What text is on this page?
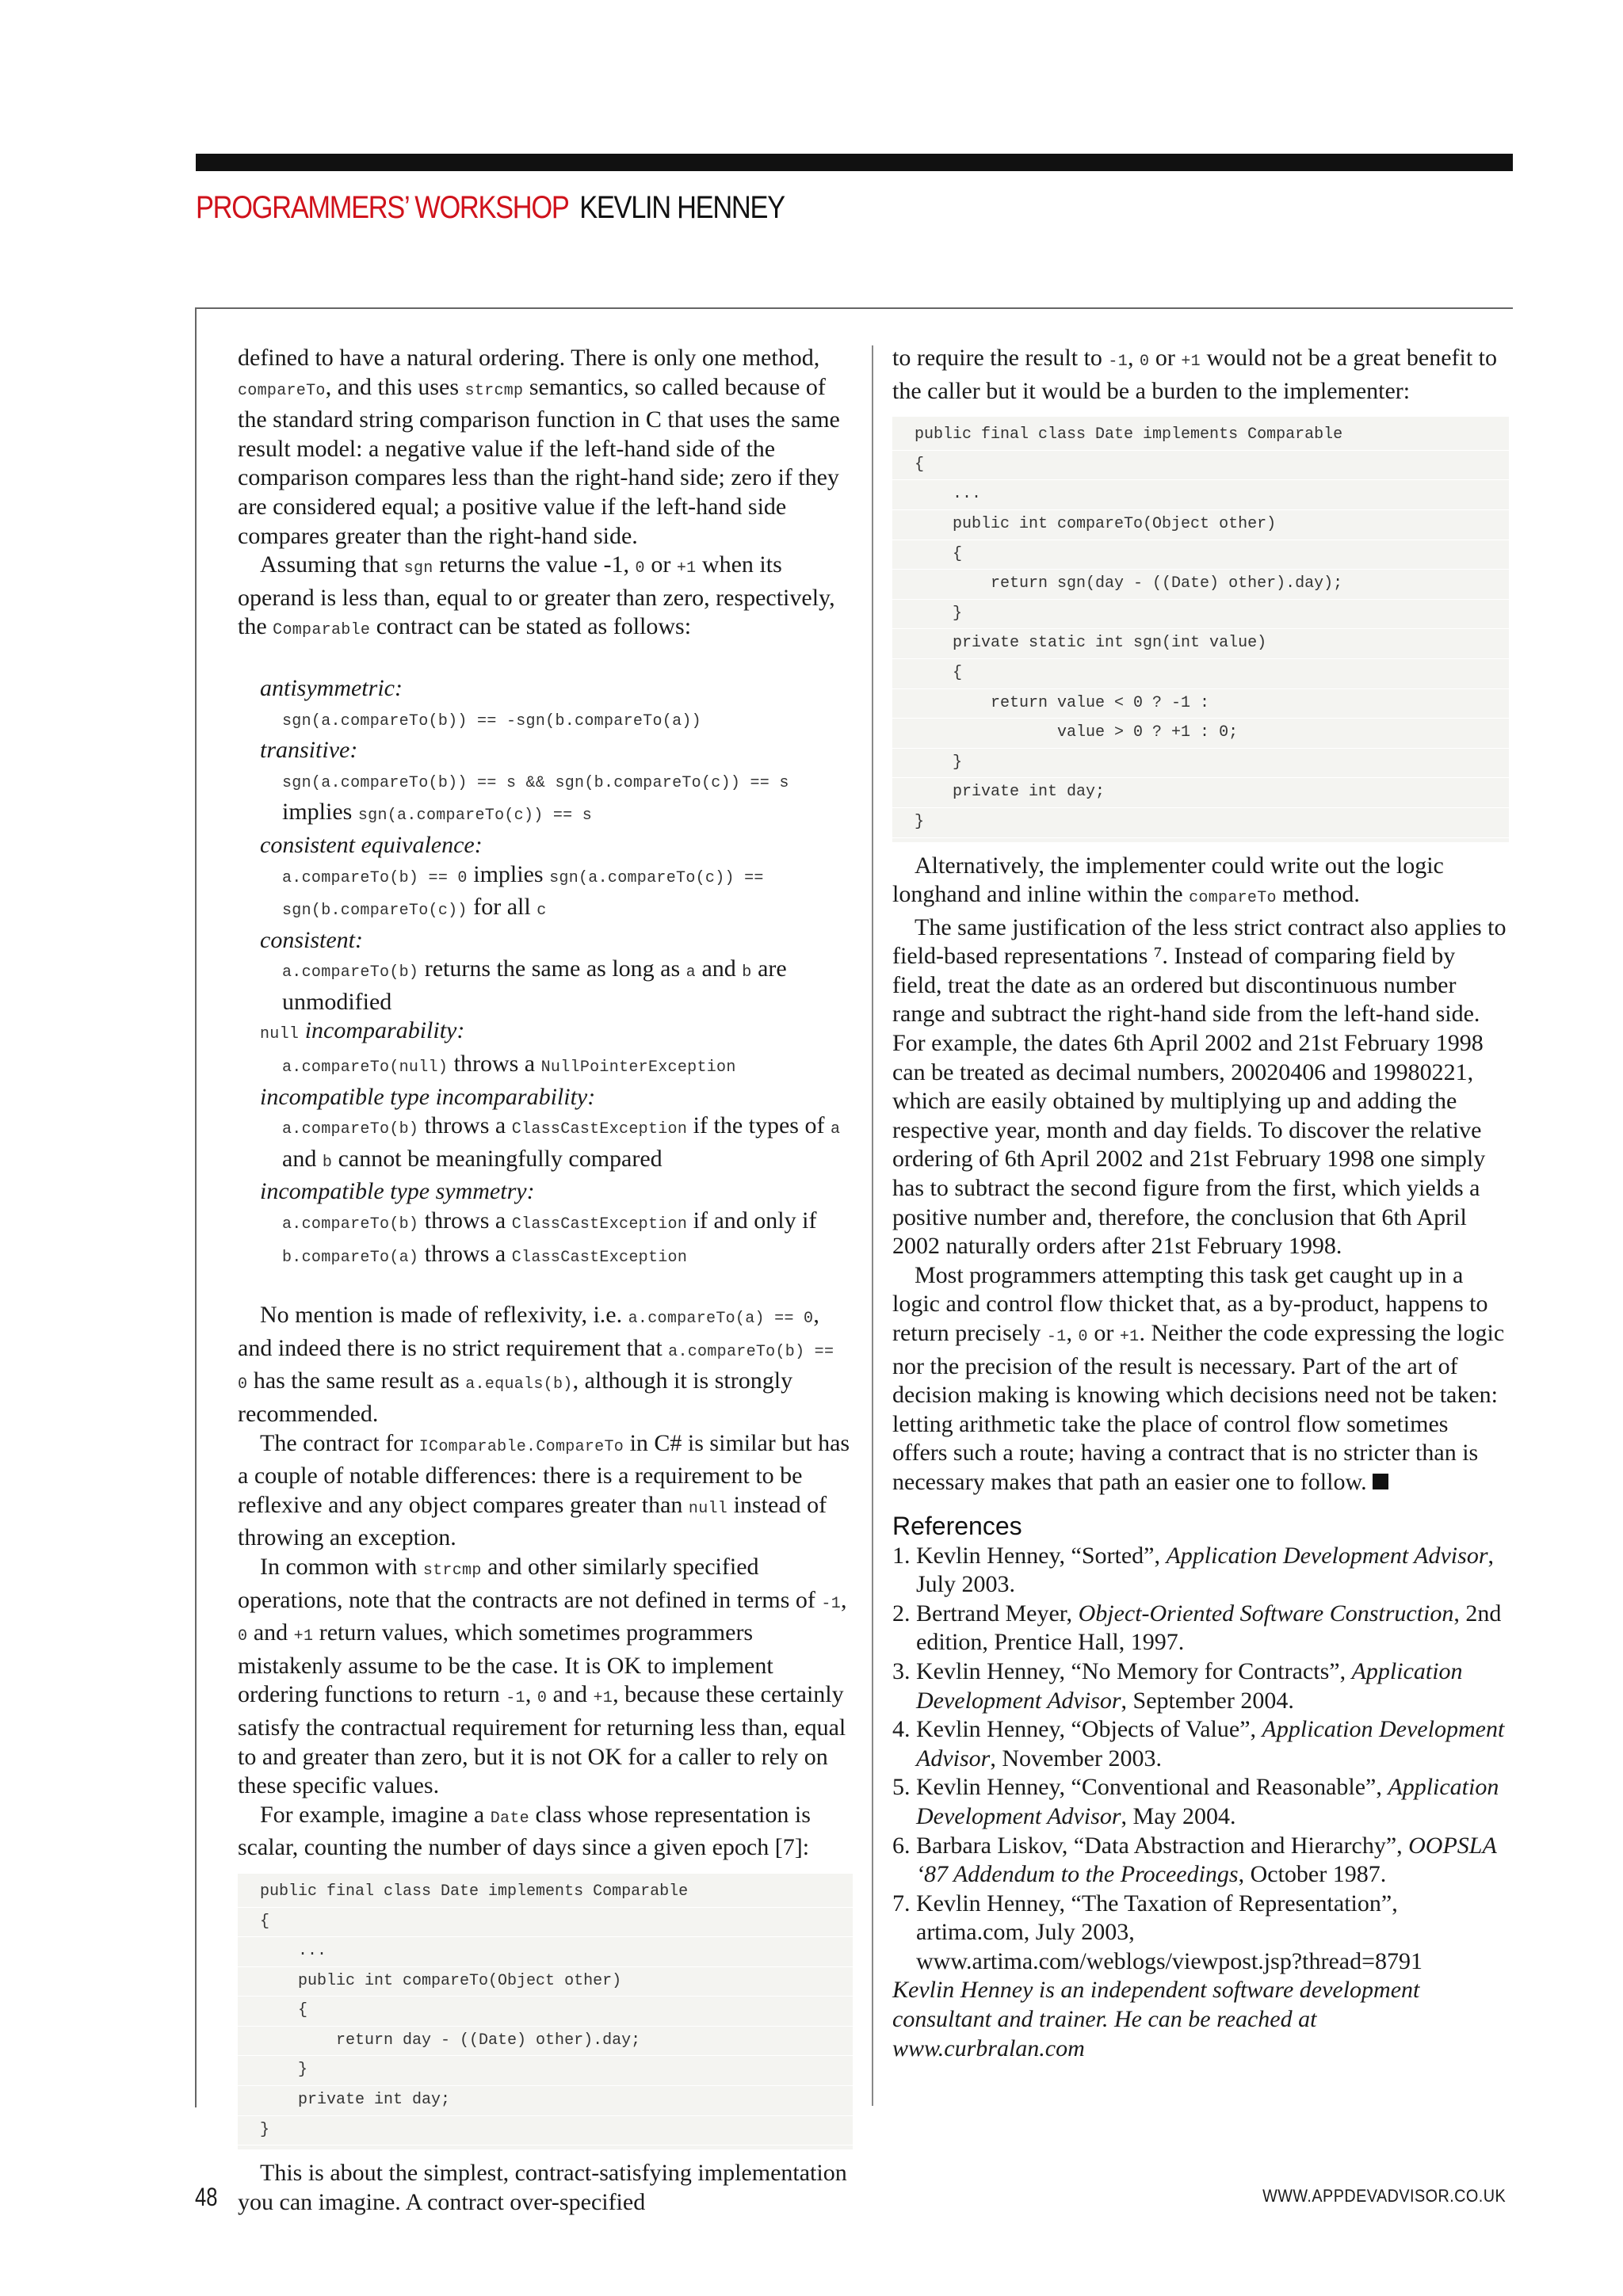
PROGRAMMERS’ WORKSHOP KEVLIN HENNEY

defined to have a natural ordering. There is only one method, compareTo, and this uses strcmp semantics, so called because of the standard string comparison function in C that uses the same result model: a negative value if the left-hand side of the comparison compares less than the right-hand side; zero if they are considered equal; a positive value if the left-hand side compares greater than the right-hand side.

Assuming that sgn returns the value -1, 0 or +1 when its operand is less than, equal to or greater than zero, respectively, the Comparable contract can be stated as follows:

antisymmetric:
sgn(a.compareTo(b)) == -sgn(b.compareTo(a))
transitive:
sgn(a.compareTo(b)) == s && sgn(b.compareTo(c)) == s
implies sgn(a.compareTo(c)) == s
consistent equivalence:
a.compareTo(b) == 0 implies sgn(a.compareTo(c)) ==
sgn(b.compareTo(c)) for all c
consistent:
a.compareTo(b) returns the same as long as a and b are unmodified
null incomparability:
a.compareTo(null) throws a NullPointerException
incompatible type incomparability:
a.compareTo(b) throws a ClassCastException if the types of a and b cannot be meaningfully compared
incompatible type symmetry:
a.compareTo(b) throws a ClassCastException if and only if b.compareTo(a) throws a ClassCastException

No mention is made of reflexivity, i.e. a.compareTo(a) == 0, and indeed there is no strict requirement that a.compareTo(b) == 0 has the same result as a.equals(b), although it is strongly recommended.

The contract for IComparable.CompareTo in C# is similar but has a couple of notable differences: there is a requirement to be reflexive and any object compares greater than null instead of throwing an exception.

In common with strcmp and other similarly specified operations, note that the contracts are not defined in terms of -1, 0 and +1 return values, which sometimes programmers mistakenly assume to be the case. It is OK to implement ordering functions to return -1, 0 and +1, because these certainly satisfy the contractual requirement for returning less than, equal to and greater than zero, but it is not OK for a caller to rely on these specific values.

For example, imagine a Date class whose representation is scalar, counting the number of days since a given epoch [7]:

public final class Date implements Comparable
{
...
public int compareTo(Object other)
{
return day - ((Date) other).day;
}
private int day;
}

This is about the simplest, contract-satisfying implementation you can imagine. A contract over-specified

to require the result to -1, 0 or +1 would not be a great benefit to the caller but it would be a burden to the implementer:

public final class Date implements Comparable
{
...
public int compareTo(Object other)
{
return sgn(day - ((Date) other).day);
}
private static int sgn(int value)
{
return value < 0 ? -1 :
value > 0 ? +1 : 0;
}
private int day;
}

Alternatively, the implementer could write out the logic longhand and inline within the compareTo method.

The same justification of the less strict contract also applies to field-based representations ⁷. Instead of comparing field by field, treat the date as an ordered but discontinuous number range and subtract the right-hand side from the left-hand side. For example, the dates 6th April 2002 and 21st February 1998 can be treated as decimal numbers, 20020406 and 19980221, which are easily obtained by multiplying up and adding the respective year, month and day fields. To discover the relative ordering of 6th April 2002 and 21st February 1998 one simply has to subtract the second figure from the first, which yields a positive number and, therefore, the conclusion that 6th April 2002 naturally orders after 21st February 1998.

Most programmers attempting this task get caught up in a logic and control flow thicket that, as a by-product, happens to return precisely -1, 0 or +1. Neither the code expressing the logic nor the precision of the result is necessary. Part of the art of decision making is knowing which decisions need not be taken: letting arithmetic take the place of control flow sometimes offers such a route; having a contract that is no stricter than is necessary makes that path an easier one to follow.

References
1. Kevlin Henney, “Sorted”, Application Development Advisor, July 2003.
2. Bertrand Meyer, Object-Oriented Software Construction, 2nd edition, Prentice Hall, 1997.
3. Kevlin Henney, “No Memory for Contracts”, Application Development Advisor, September 2004.
4. Kevlin Henney, “Objects of Value”, Application Development Advisor, November 2003.
5. Kevlin Henney, “Conventional and Reasonable”, Application Development Advisor, May 2004.
6. Barbara Liskov, “Data Abstraction and Hierarchy”, OOPSLA ‘87 Addendum to the Proceedings, October 1987.
7. Kevlin Henney, “The Taxation of Representation”, artima.com, July 2003, www.artima.com/weblogs/viewpost.jsp?thread=8791

Kevlin Henney is an independent software development consultant and trainer. He can be reached at www.curbralan.com

48	WWW.APPDEVADVISOR.CO.UK
